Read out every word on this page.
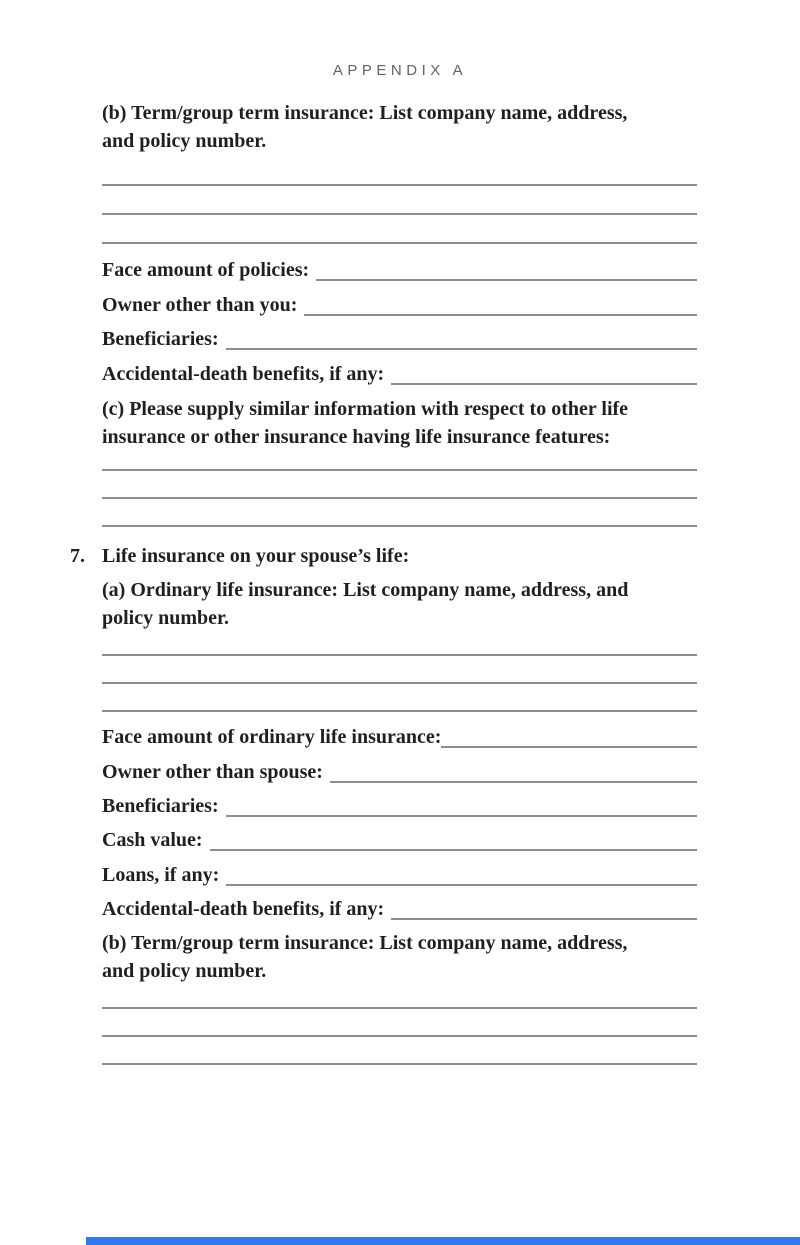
APPENDIX A
(b) Term/group term insurance: List company name, address,
and policy number.
Face amount of policies:
Owner other than you:
Beneficiaries:
Accidental-death benefits, if any:
(c) Please supply similar information with respect to other life
insurance or other insurance having life insurance features:
7. Life insurance on your spouse’s life:
(a) Ordinary life insurance: List company name, address, and
policy number.
Face amount of ordinary life insurance:
Owner other than spouse:
Beneficiaries:
Cash value:
Loans, if any:
Accidental-death benefits, if any:
(b) Term/group term insurance: List company name, address,
and policy number.
